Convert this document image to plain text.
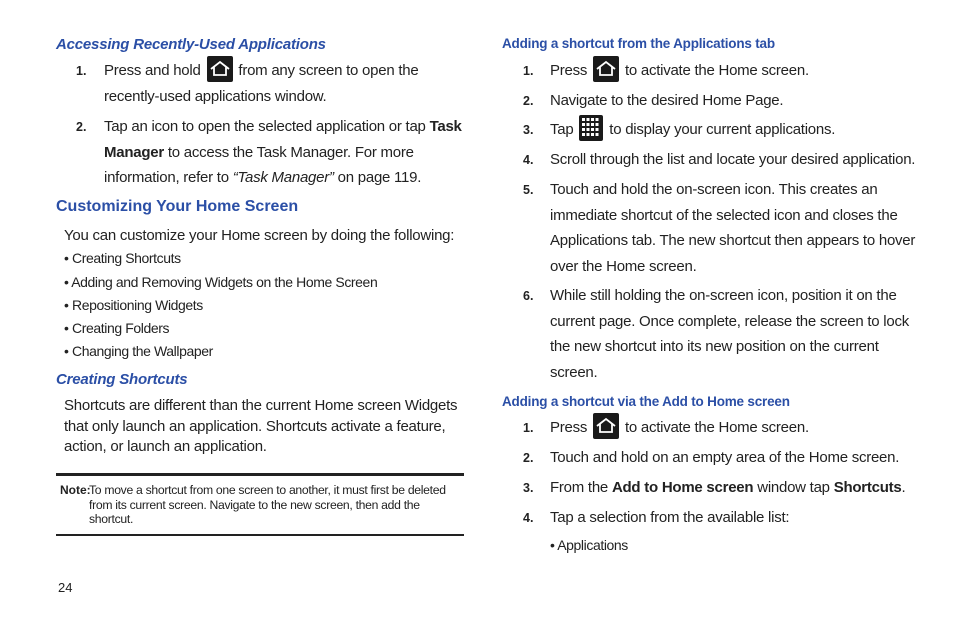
Accessing Recently-Used Applications
1. Press and hold	from any screen to open the
recently-used applications window.
2. Tap an icon to open the selected application or tap Task
Manager to access the Task Manager. For more
information, refer to “Task Manager” on page 119.
Customizing Your Home Screen
You can customize your Home screen by doing the following:
• Creating Shortcuts
• Adding and Removing Widgets on the Home Screen
• Repositioning Widgets
• Creating Folders
• Changing the Wallpaper
Creating Shortcuts
Shortcuts are different than the current Home screen Widgets
that only launch an application. Shortcuts activate a feature,
action, or launch an application.
Note:
To move a shortcut from one screen to another, it must first be deleted
from its current screen. Navigate to the new screen, then add the
shortcut.
24
Adding a shortcut from the Applications tab
1. Press	to activate the Home screen.
2. Navigate to the desired Home Page.
3. Tap to display your current applications.
4. Scroll through the list and locate your desired application.
5. Touch and hold the on-screen icon. This creates an
immediate shortcut of the selected icon and closes the
Applications tab. The new shortcut then appears to hover
over the Home screen.
6. While still holding the on-screen icon, position it on the
current page. Once complete, release the screen to lock
the new shortcut into its new position on the current
screen.
Adding a shortcut via the Add to Home screen
1. Press	to activate the Home screen.
2. Touch and hold on an empty area of the Home screen.
3. From the Add to Home screen window tap Shortcuts.
4. Tap a selection from the available list:
• Applications
